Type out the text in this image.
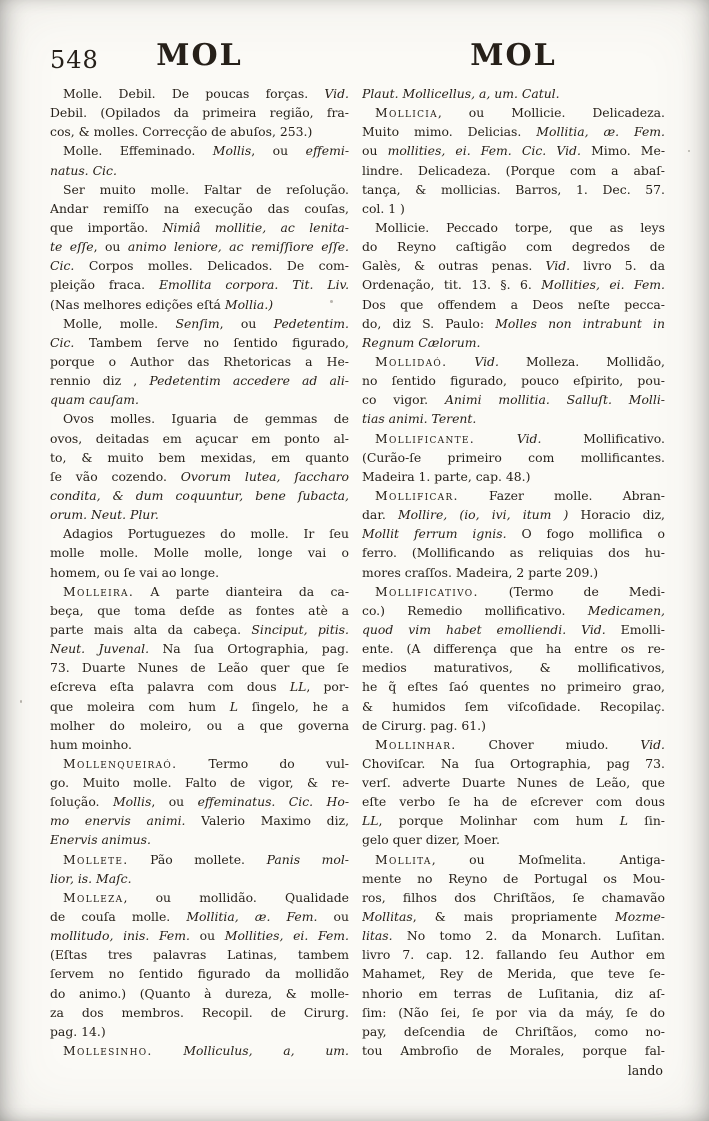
548	MOL	MOL
Molle. Debil. De poucas forças. Vid.
Debil. (Opilados da primeira região, fra-
cos, & molles. Correcção de abuſos, 253.)
Molle. Effeminado. Mollis, ou effemi-
natus. Cic.
Ser muito molle. Faltar de reſolução.
Andar remiſſo na execução das couſas,
que importão. Nimiâ mollitie, ac lenita-
te eſſe, ou animo leniore, ac remiſſiore eſſe.
Cic. Corpos molles. Delicados. De com-
pleição fraca. Emollita corpora. Tit. Liv.
(Nas melhores edições eſtá Mollia.)
Molle, molle. Senſim, ou Pedetentim.
Cic. Tambem ſerve no ſentido figurado,
porque o Author das Rhetoricas a He-
rennio diz , Pedetentim accedere ad ali-
quam cauſam.
Ovos molles. Iguaria de gemmas de
ovos, deitadas em açucar em ponto al-
to, & muito bem mexidas, em quanto
ſe vão cozendo. Ovorum lutea, ſaccharo
condita, & dum coquuntur, bene ſubacta,
orum. Neut. Plur.
Adagios Portuguezes do molle. Ir ſeu
molle molle. Molle molle, longe vai o
homem, ou ſe vai ao longe.
Molleira. A parte dianteira da ca-
beça, que toma deſde as fontes atè a
parte mais alta da cabeça. Sinciput, pitis.
Neut. Juvenal. Na ſua Ortographia, pag.
73. Duarte Nunes de Leão quer que ſe
eſcreva eſta palavra com dous LL, por-
que moleira com hum L ſingelo, he a
molher do moleiro, ou a que governa
hum moinho.
Mollenqueiraó. Termo do vul-
go. Muito molle. Falto de vigor, & re-
ſolução. Mollis, ou effeminatus. Cic. Ho-
mo enervis animi. Valerio Maximo diz,
Enervis animus.
Mollete. Pão mollete. Panis mol-
lior, is. Maſc.
Molleza, ou mollidão. Qualidade
de couſa molle. Mollitia, æ. Fem. ou
mollitudo, inis. Fem. ou Mollities, ei. Fem.
(Eſtas tres palavras Latinas, tambem
ſervem no ſentido figurado da mollidão
do animo.) (Quanto à dureza, & molle-
za dos membros. Recopil. de Cirurg.
pag. 14.)
Mollesinho. Molliculus, a, um.
Plaut. Mollicellus, a, um. Catul.
Mollicia, ou Mollicie. Delicadeza.
Muito mimo. Delicias. Mollitia, æ. Fem.
ou mollities, ei. Fem. Cic. Vid. Mimo. Me-
lindre. Delicadeza. (Porque com a abaſ-
tança, & mollicias. Barros, 1. Dec. 57.
col. 1 )
Mollicie. Peccado torpe, que as leys
do Reyno caſtigão com degredos de
Galès, & outras penas. Vid. livro 5. da
Ordenação, tit. 13. §. 6. Mollities, ei. Fem.
Dos que offendem a Deos neſte pecca-
do, diz S. Paulo: Molles non intrabunt in
Regnum Cælorum.
Mollidaó. Vid. Molleza. Mollidão,
no ſentido figurado, pouco eſpirito, pou-
co vigor. Animi mollitia. Salluſt. Molli-
tias animi. Terent.
Mollificante.	Vid. Mollificativo.
(Curão-ſe primeiro com mollificantes.
Madeira 1. parte, cap. 48.)
Mollificar. Fazer molle. Abran-
dar. Mollire, (io, ivi, itum ) Horacio diz,
Mollit ferrum ignis. O fogo mollifica o
ferro. (Mollificando as reliquias dos hu-
mores craſſos. Madeira, 2 parte 209.)
Mollificativo. (Termo de Medi-
co.) Remedio mollificativo. Medicamen,
quod vim habet emolliendi. Vid. Emolli-
ente. (A differença que ha entre os re-
medios maturativos, & mollificativos,
he q̃ eſtes ſaó quentes no primeiro grao,
& humidos ſem viſcoſidade. Recopilaç.
de Cirurg. pag. 61.)
Mollinhar. Chover miudo. Vid.
Choviſcar. Na ſua Ortographia, pag 73.
verſ. adverte Duarte Nunes de Leão, que
eſte verbo ſe ha de eſcrever com dous
LL, porque Molinhar com hum L ſin-
gelo quer dizer, Moer.
Mollita, ou Moſmelita. Antiga-
mente no Reyno de Portugal os Mou-
ros, filhos dos Chriſtãos, ſe chamavão
Mollitas, & mais propriamente Mozme-
litas. No tomo 2. da Monarch. Luſitan.
livro 7. cap. 12. fallando ſeu Author em
Mahamet, Rey de Merida, que teve ſe-
nhorio em terras de Luſitania, diz aſ-
ſim: (Não ſei, ſe por via da máy, ſe do
pay, deſcendia de Chriſtãos, como no-
tou Ambroſio de Morales, porque fal-
lando
